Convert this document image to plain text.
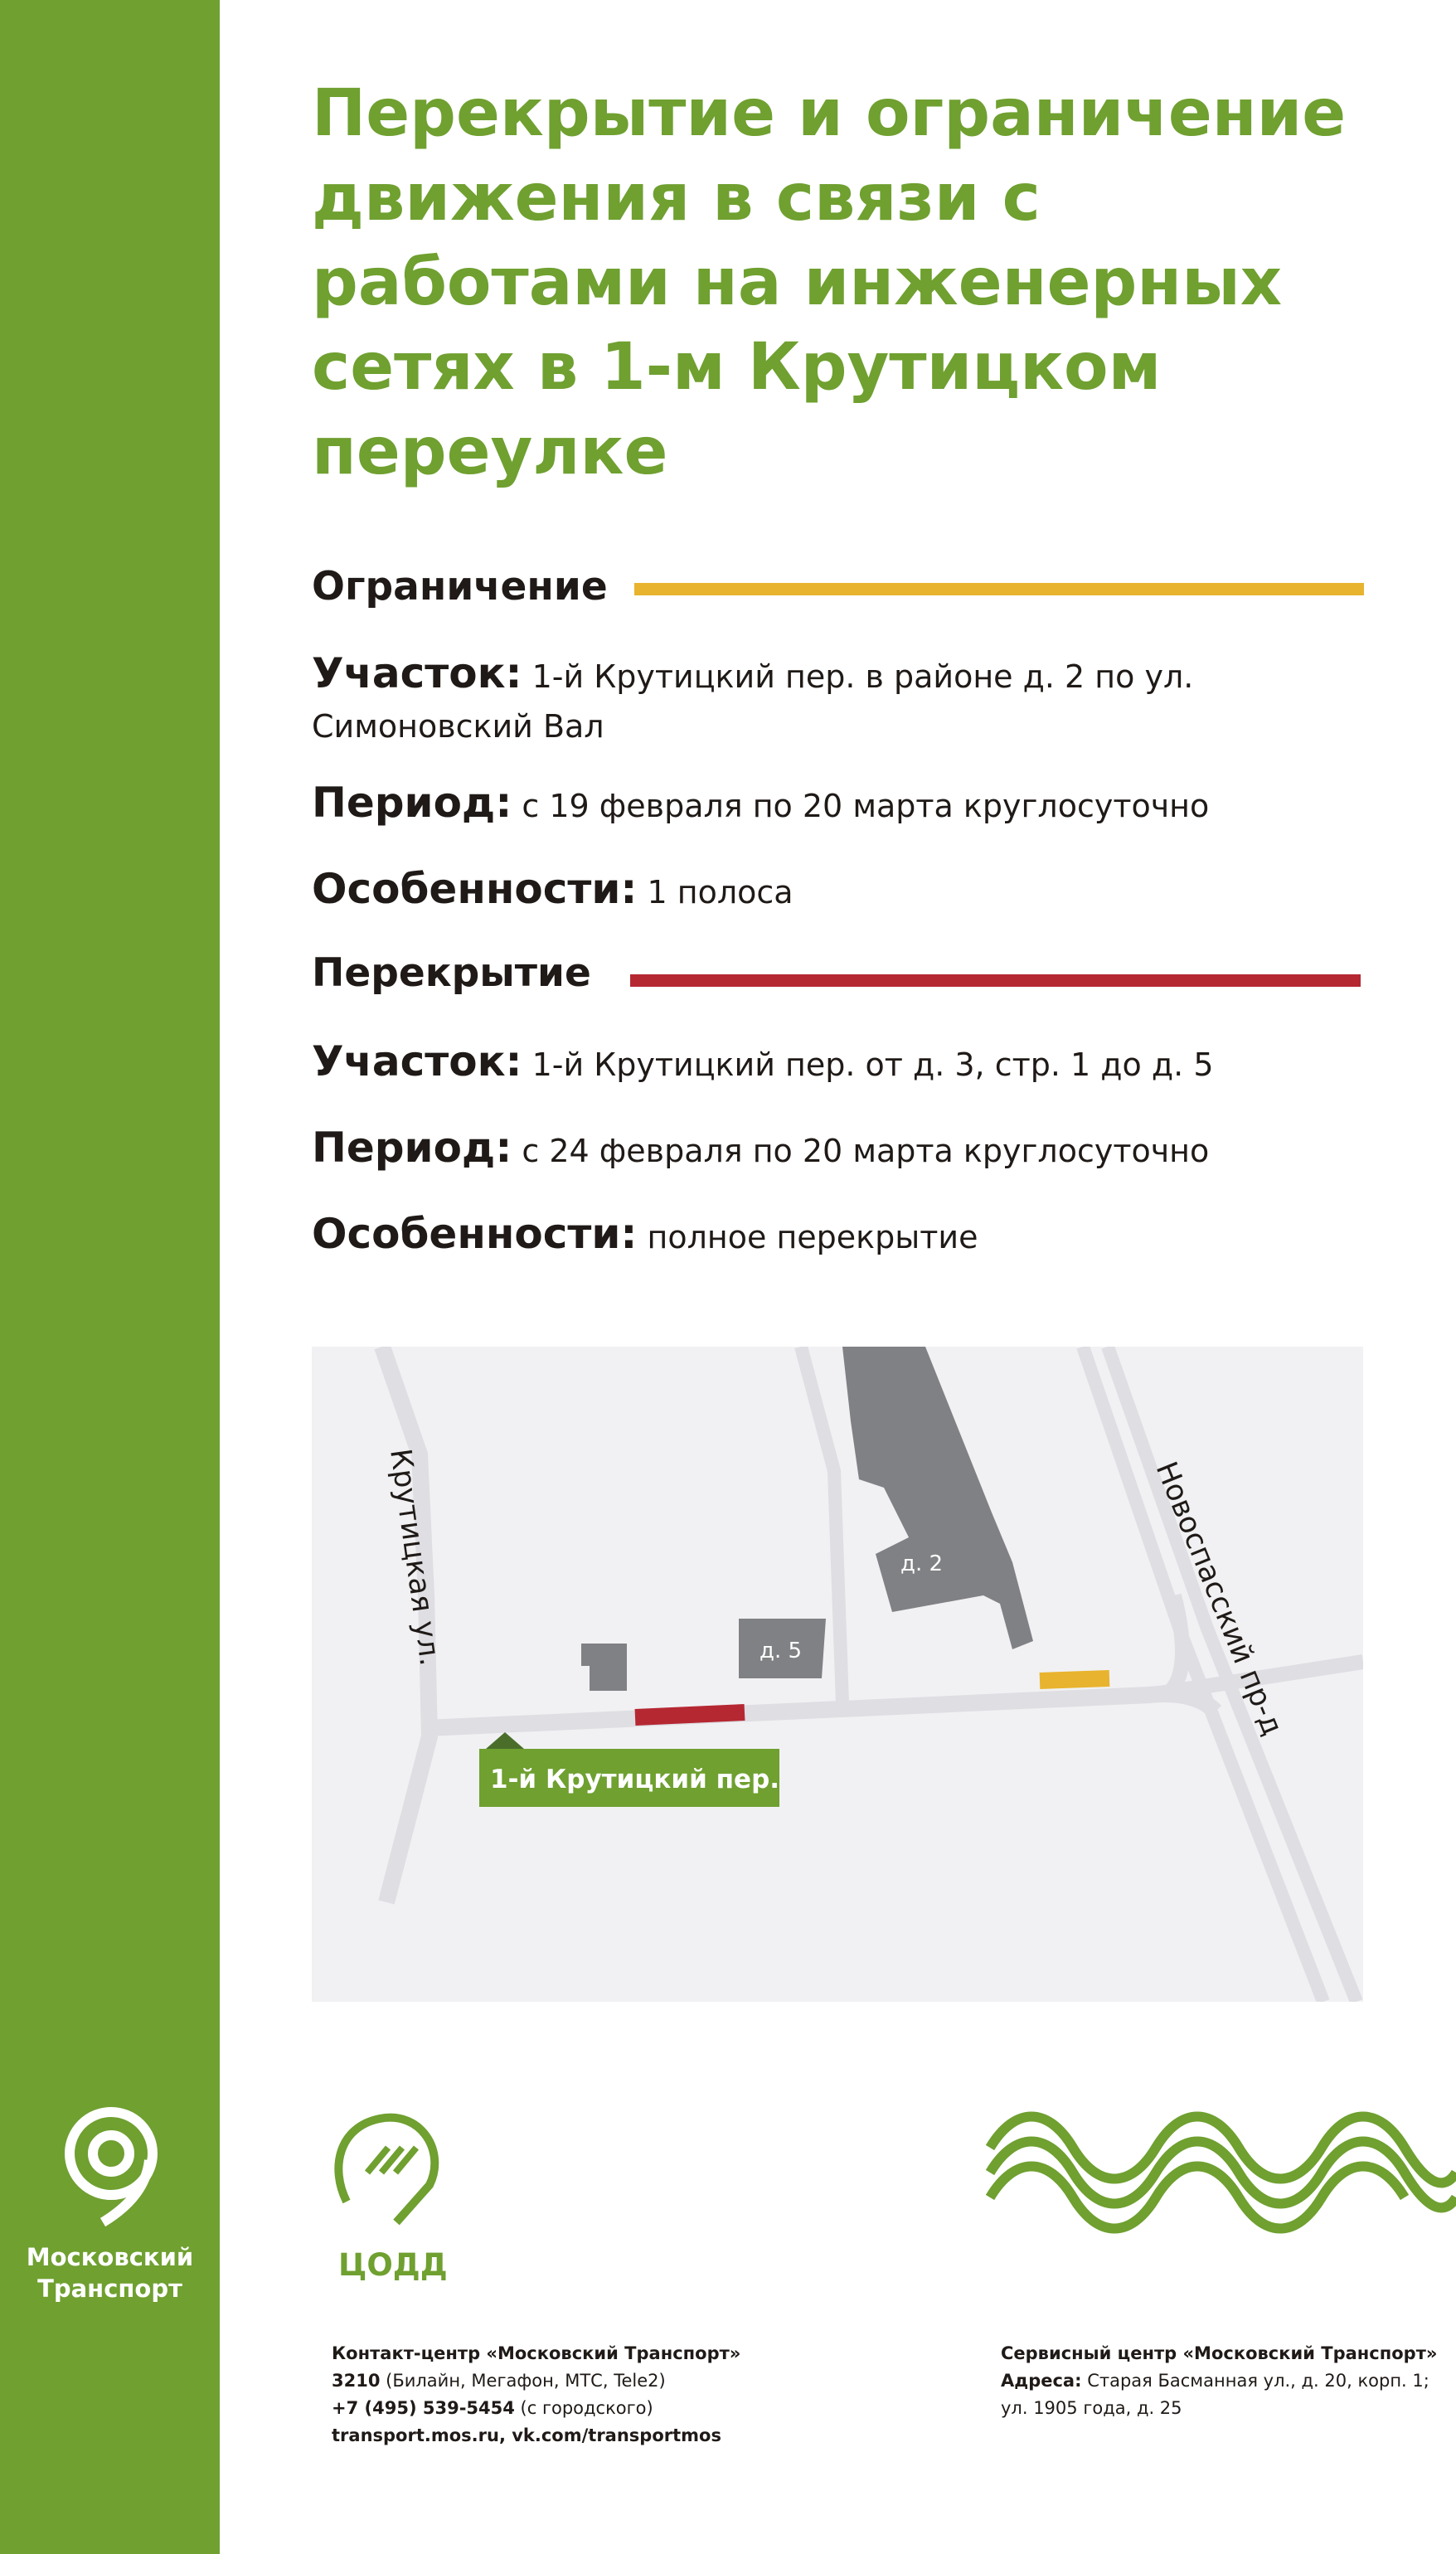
Перекрытие и ограничение движения в связи с работами на инженерных сетях в 1-м Крутицком переулке
Ограничение
Участок: 1-й Крутицкий пер. в районе д. 2 по ул. Симоновский Вал
Период: с 19 февраля по 20 марта круглосуточно
Особенности: 1 полоса
Перекрытие
Участок: 1-й Крутицкий пер. от д. 3, стр. 1 до д. 5
Период: с 24 февраля по 20 марта круглосуточно
Особенности: полное перекрытие
д. 2
д. 5
Крутицкая ул.	Новоспасский пр-д
1-й Крутицкий пер.
Московский
Транспорт
ЦОДД
Контакт-центр «Московский Транспорт»
3210 (Билайн, Мегафон, МТС, Tele2)
+7 (495) 539-5454 (с городского)
transport.mos.ru, vk.com/transportmos
Сервисный центр «Московский Транспорт»
Адреса: Старая Басманная ул., д. 20, корп. 1;
ул. 1905 года, д. 25
